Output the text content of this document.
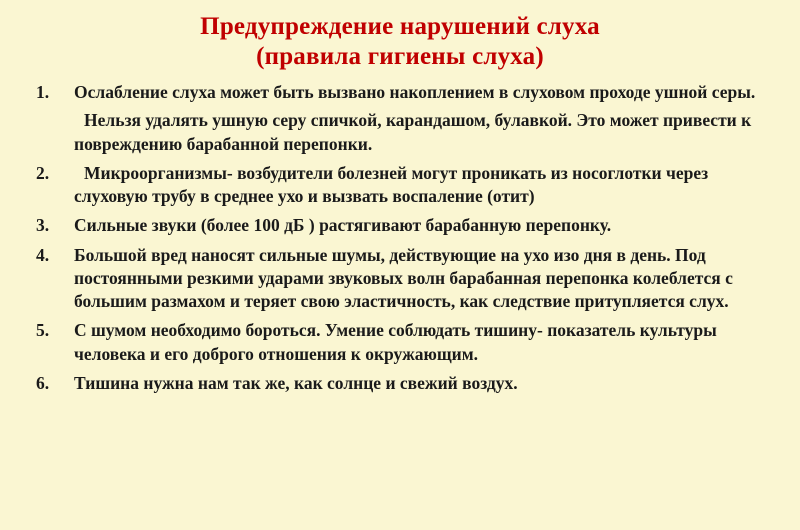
Предупреждение нарушений слуха
(правила гигиены слуха)
1.	Ослабление слуха может быть вызвано накоплением в слуховом проходе ушной серы.

Нельзя удалять ушную серу спичкой, карандашом, булавкой. Это может привести к повреждению барабанной перепонки.

2.	Микроорганизмы- возбудители болезней могут проникать из носоглотки через слуховую трубу в среднее ухо и вызвать воспаление (отит)

3.	Сильные звуки (более 100 дБ ) растягивают барабанную перепонку.

4.	Большой вред наносят сильные шумы, действующие на ухо изо дня в день. Под постоянными резкими ударами звуковых волн барабанная перепонка колеблется с большим размахом и теряет свою эластичность, как следствие притупляется слух.

5.	С шумом необходимо бороться. Умение соблюдать тишину- показатель культуры человека и его доброго отношения к окружающим.

6.	Тишина нужна нам так же, как солнце и свежий воздух.
